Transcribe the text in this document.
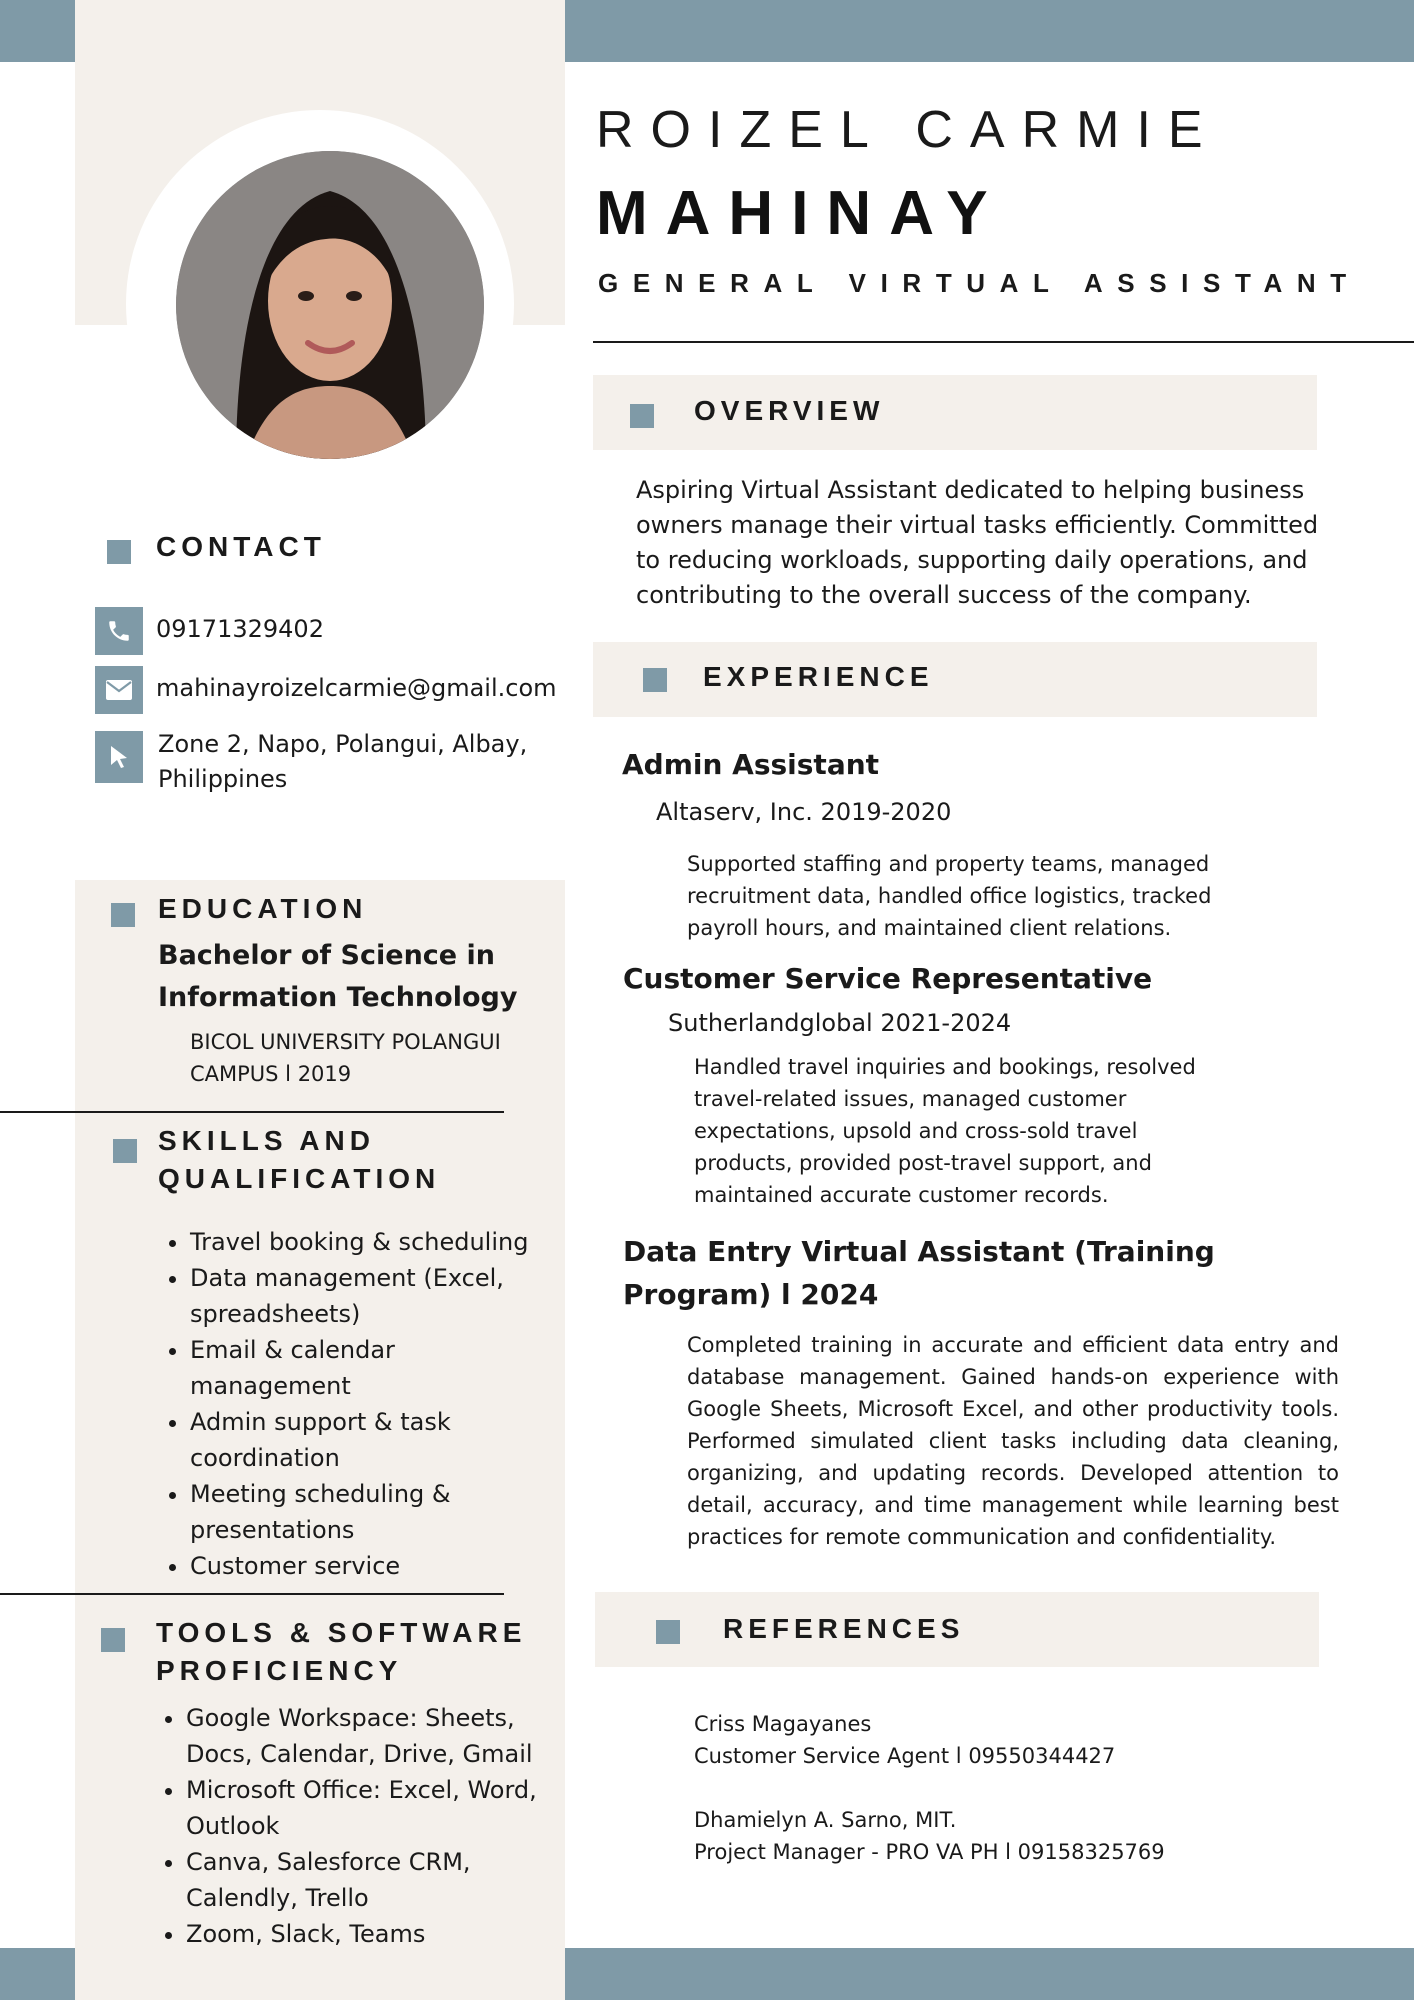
ROIZEL CARMIE
MAHINAY
GENERAL VIRTUAL ASSISTANT
CONTACT
09171329402
mahinayroizelcarmie@gmail.com
Zone 2, Napo, Polangui, Albay, Philippines
EDUCATION
Bachelor of Science in Information Technology
BICOL UNIVERSITY POLANGUI CAMPUS l 2019
SKILLS AND QUALIFICATION
• Travel booking & scheduling
• Data management (Excel, spreadsheets)
• Email & calendar management
• Admin support & task coordination
• Meeting scheduling & presentations
• Customer service
TOOLS & SOFTWARE PROFICIENCY
• Google Workspace: Sheets, Docs, Calendar, Drive, Gmail
• Microsoft Office: Excel, Word, Outlook
• Canva, Salesforce CRM, Calendly, Trello
• Zoom, Slack, Teams
OVERVIEW
Aspiring Virtual Assistant dedicated to helping business owners manage their virtual tasks efficiently. Committed to reducing workloads, supporting daily operations, and contributing to the overall success of the company.
EXPERIENCE
Admin Assistant
Altaserv, Inc. 2019-2020
Supported staffing and property teams, managed recruitment data, handled office logistics, tracked payroll hours, and maintained client relations.
Customer Service Representative
Sutherlandglobal 2021-2024
Handled travel inquiries and bookings, resolved travel-related issues, managed customer expectations, upsold and cross-sold travel products, provided post-travel support, and maintained accurate customer records.
Data Entry Virtual Assistant (Training Program) l 2024
Completed training in accurate and efficient data entry and database management. Gained hands-on experience with Google Sheets, Microsoft Excel, and other productivity tools. Performed simulated client tasks including data cleaning, organizing, and updating records. Developed attention to detail, accuracy, and time management while learning best practices for remote communication and confidentiality.
REFERENCES
Criss Magayanes
Customer Service Agent l 09550344427
Dhamielyn A. Sarno, MIT.
Project Manager - PRO VA PH l 09158325769
